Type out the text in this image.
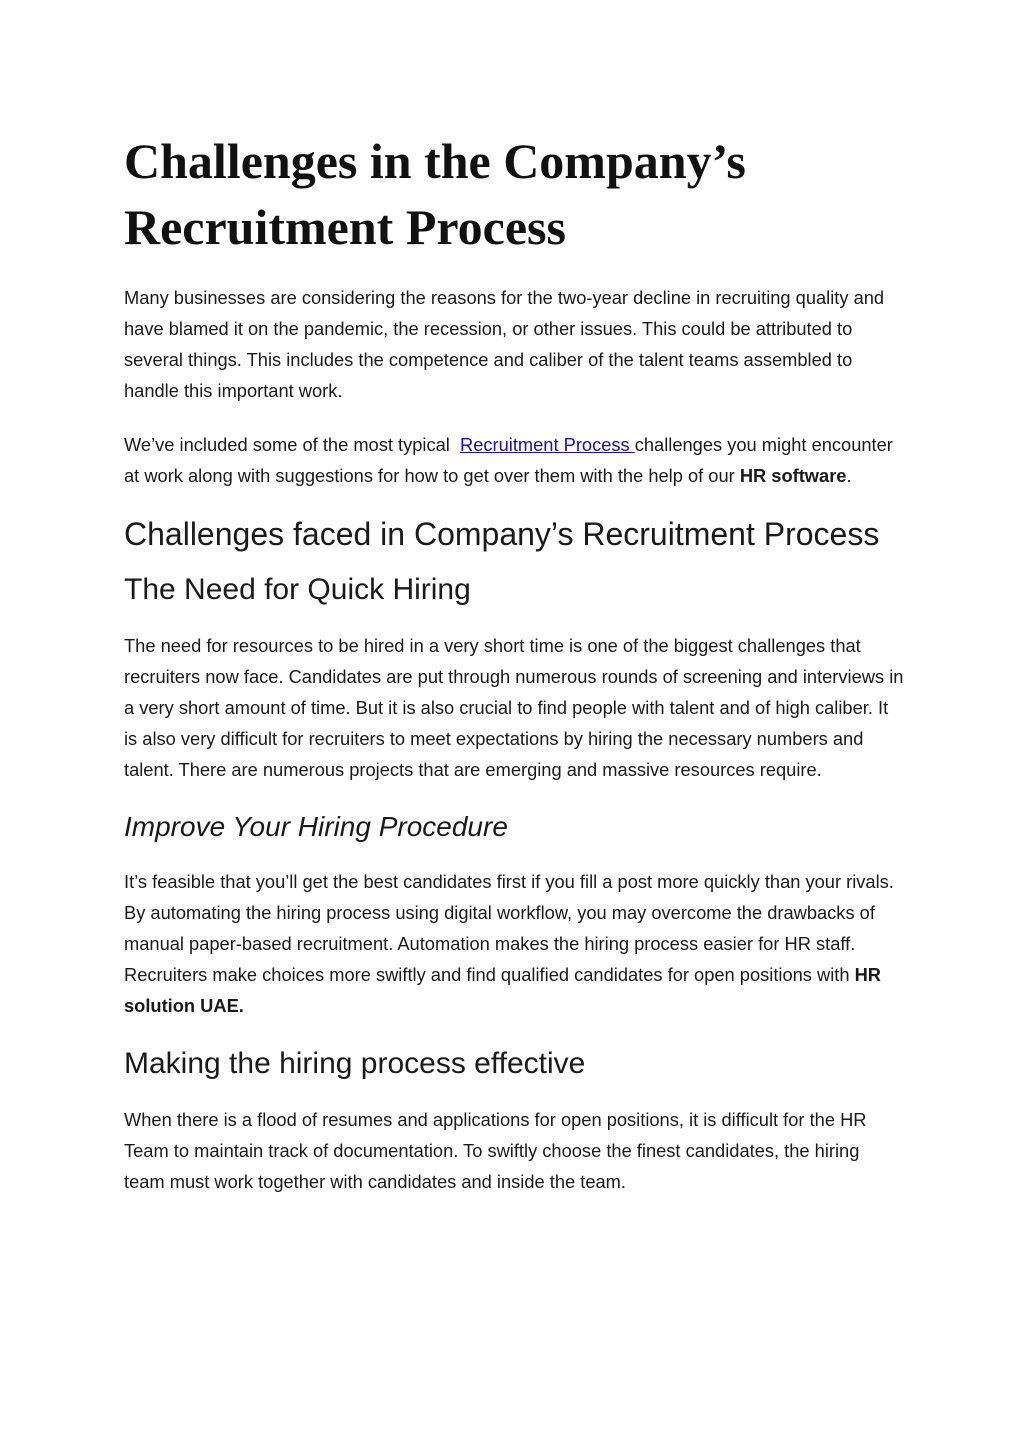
Challenges in the Company’s
Recruitment Process

Many businesses are considering the reasons for the two-year decline in recruiting quality and have blamed it on the pandemic, the recession, or other issues. This could be attributed to several things. This includes the competence and caliber of the talent teams assembled to handle this important work.

We’ve included some of the most typical  Recruitment Process challenges you might encounter at work along with suggestions for how to get over them with the help of our HR software.

Challenges faced in Company’s Recruitment Process
The Need for Quick Hiring

The need for resources to be hired in a very short time is one of the biggest challenges that recruiters now face. Candidates are put through numerous rounds of screening and interviews in a very short amount of time. But it is also crucial to find people with talent and of high caliber. It is also very difficult for recruiters to meet expectations by hiring the necessary numbers and talent. There are numerous projects that are emerging and massive resources require.

Improve Your Hiring Procedure

It’s feasible that you’ll get the best candidates first if you fill a post more quickly than your rivals. By automating the hiring process using digital workflow, you may overcome the drawbacks of manual paper-based recruitment. Automation makes the hiring process easier for HR staff. Recruiters make choices more swiftly and find qualified candidates for open positions with HR solution UAE.

Making the hiring process effective

When there is a flood of resumes and applications for open positions, it is difficult for the HR Team to maintain track of documentation. To swiftly choose the finest candidates, the hiring team must work together with candidates and inside the team.
